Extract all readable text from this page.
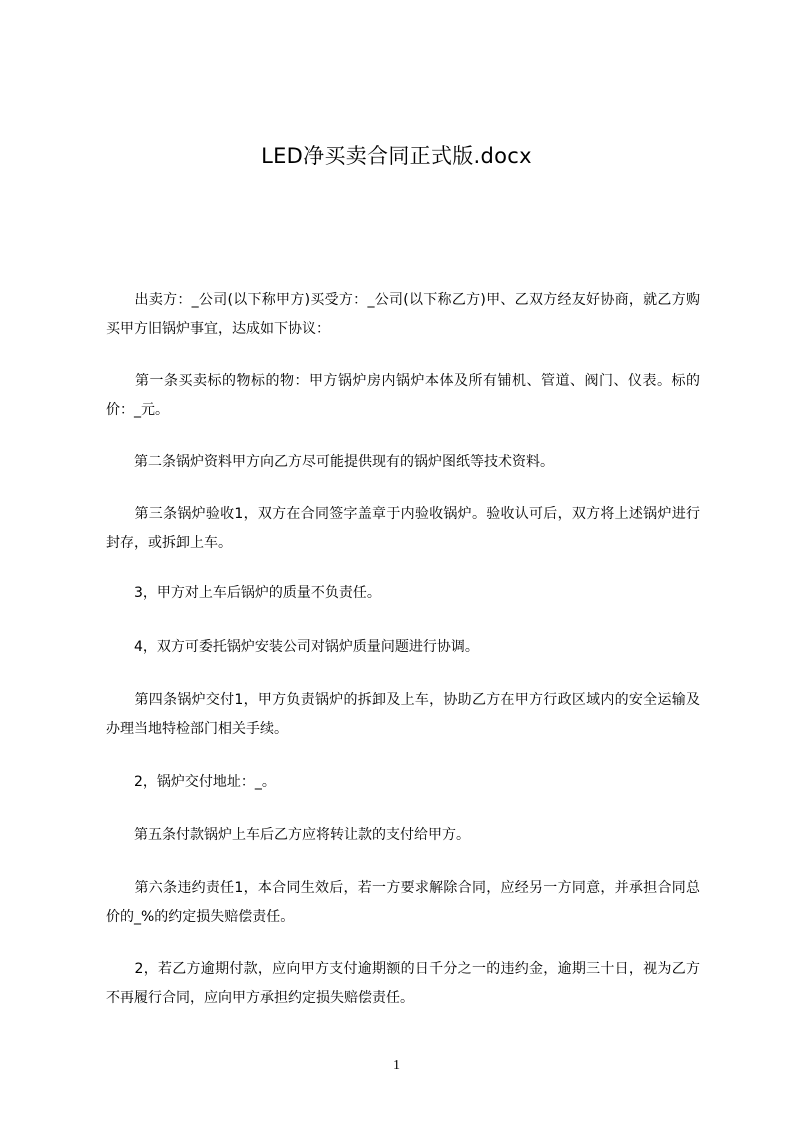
LED净买卖合同正式版.docx
　　出卖方：_公司(以下称甲方)买受方：_公司(以下称乙方)甲、乙双方经友好协商，就乙方购买甲方旧锅炉事宜，达成如下协议：
　　第一条买卖标的物标的物：甲方锅炉房内锅炉本体及所有铺机、管道、阀门、仪表。标的价：_元。
　　第二条锅炉资料甲方向乙方尽可能提供现有的锅炉图纸等技术资料。
　　第三条锅炉验收1，双方在合同签字盖章于内验收锅炉。验收认可后，双方将上述锅炉进行封存，或拆卸上车。
　　3，甲方对上车后锅炉的质量不负责任。
　　4，双方可委托锅炉安装公司对锅炉质量问题进行协调。
　　第四条锅炉交付1，甲方负责锅炉的拆卸及上车，协助乙方在甲方行政区域内的安全运输及办理当地特检部门相关手续。
　　2，锅炉交付地址：_。
　　第五条付款锅炉上车后乙方应将转让款的支付给甲方。
　　第六条违约责任1，本合同生效后，若一方要求解除合同，应经另一方同意，并承担合同总价的_%的约定损失赔偿责任。
　　2，若乙方逾期付款，应向甲方支付逾期额的日千分之一的违约金，逾期三十日，视为乙方不再履行合同，应向甲方承担约定损失赔偿责任。
1
